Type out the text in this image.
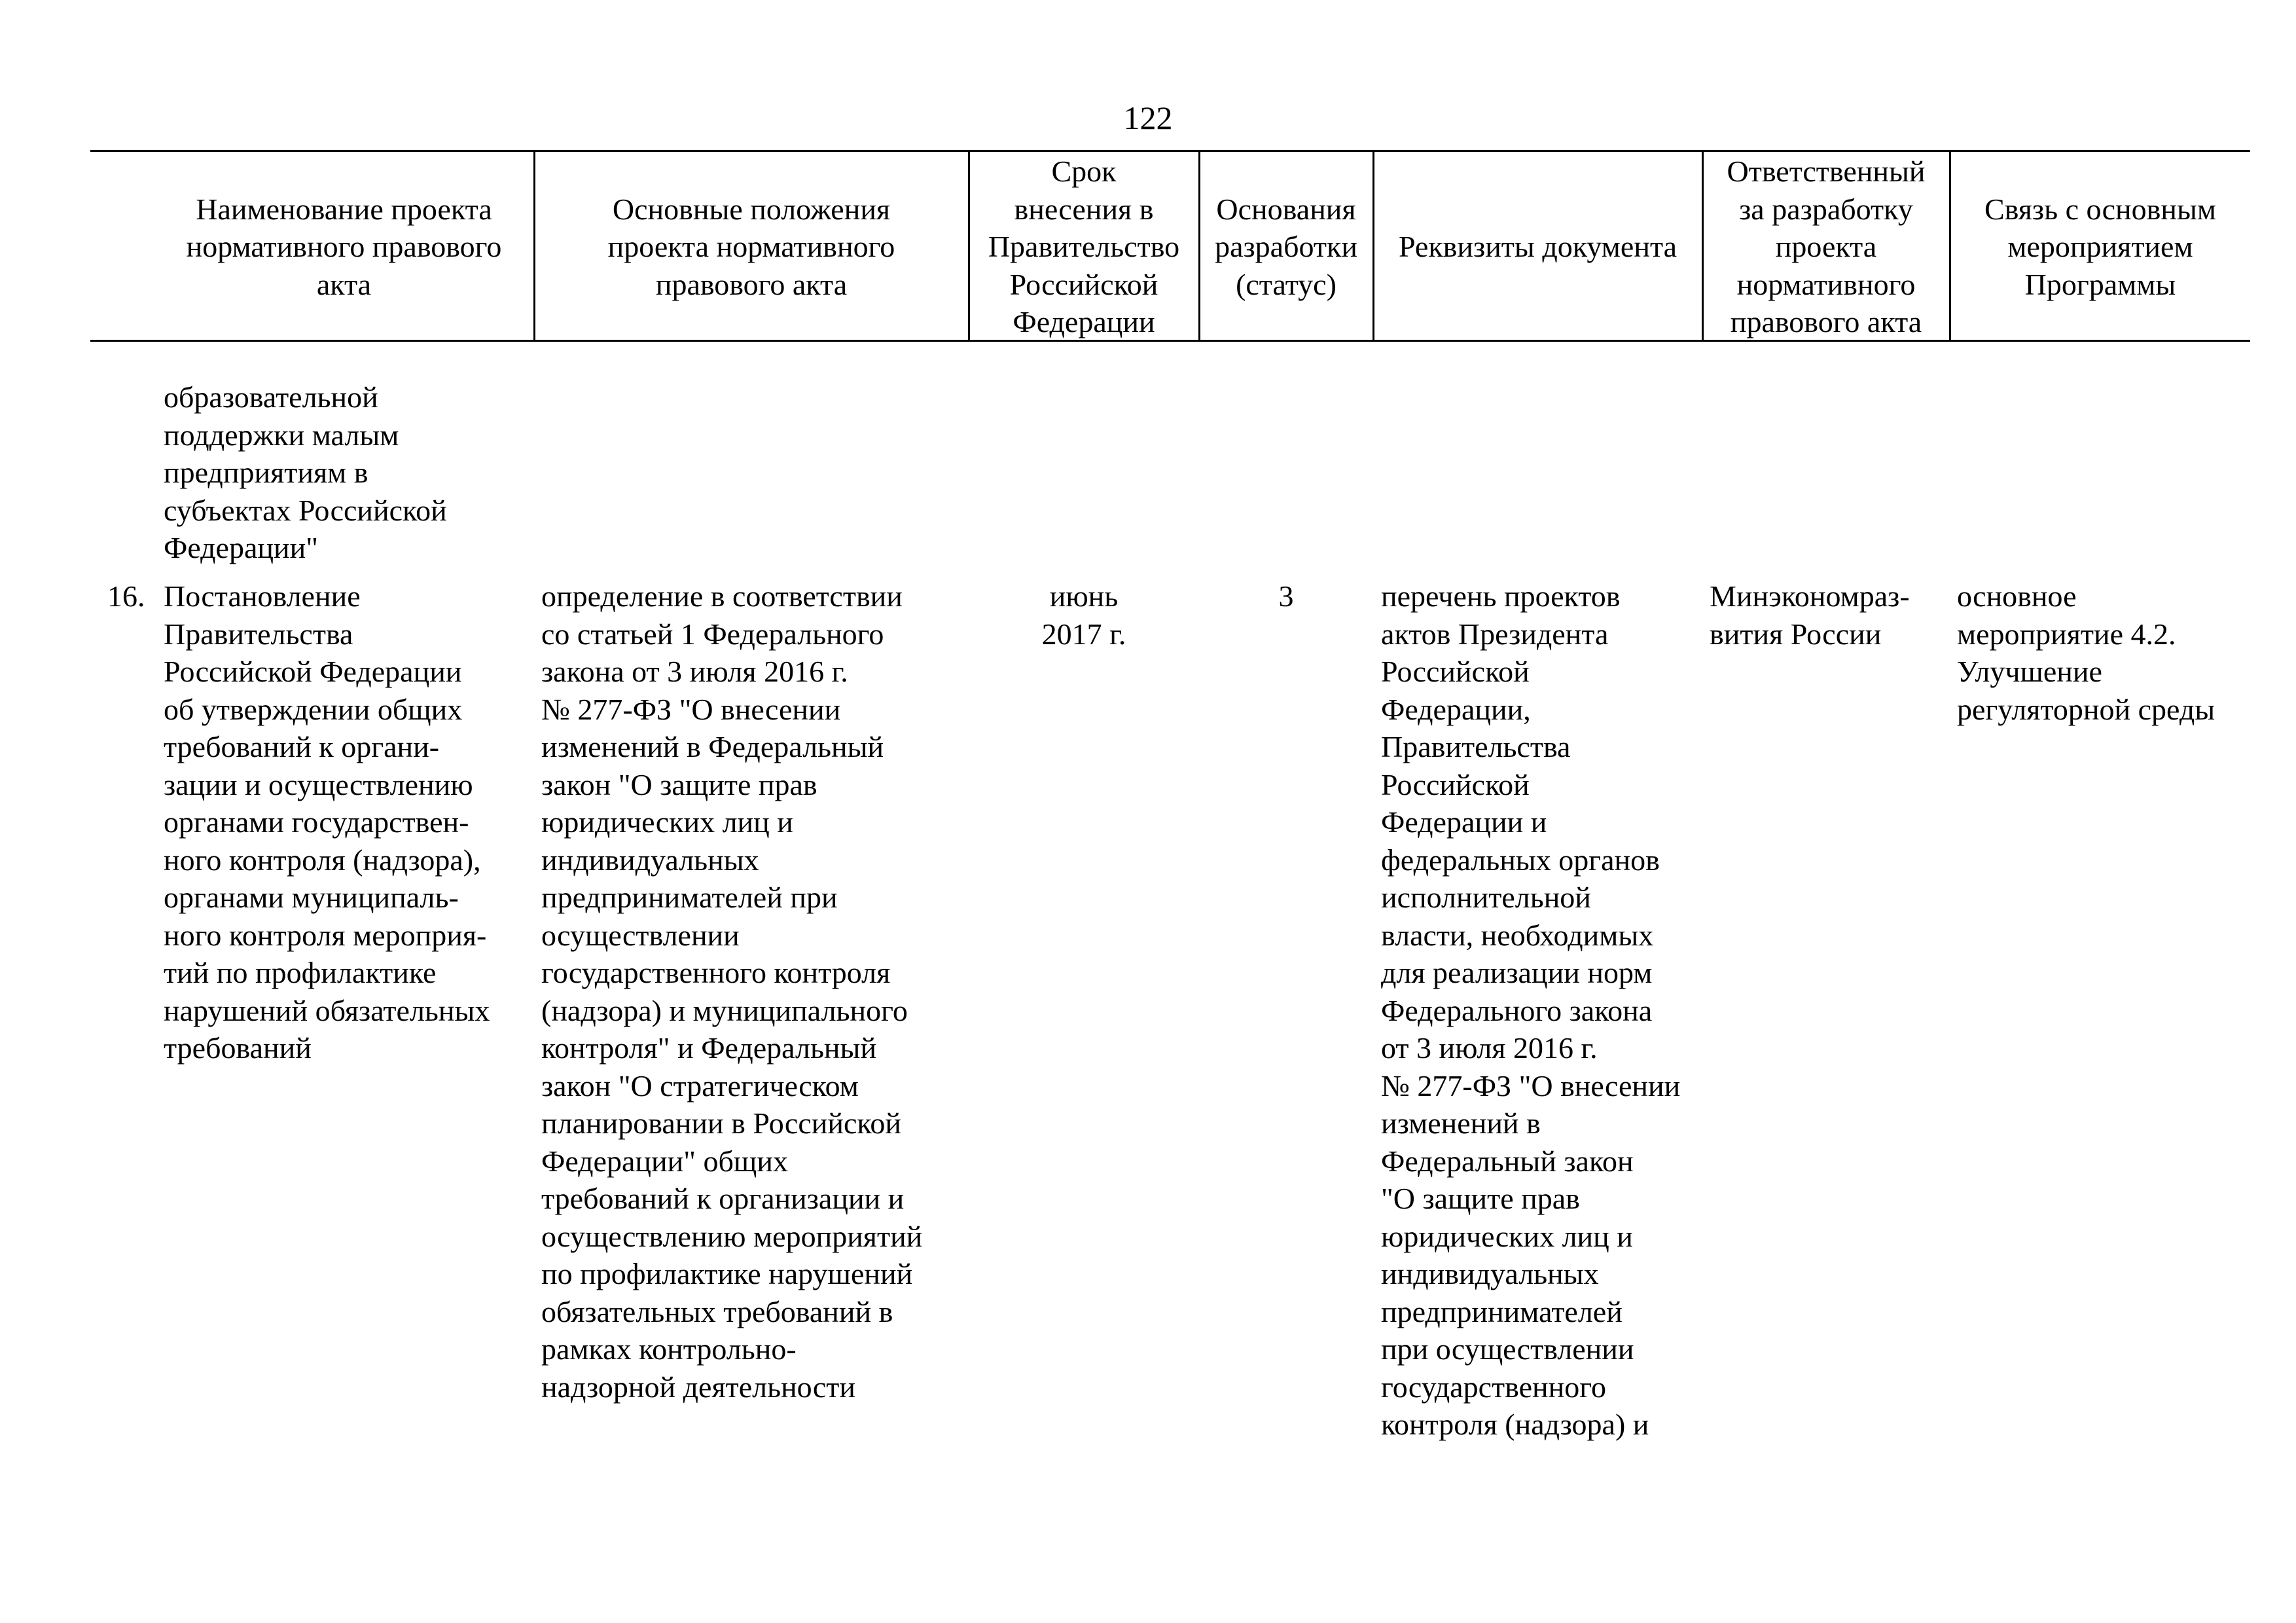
122
Наименование проекта
нормативного правового
акта
Основные положения
проекта нормативного
правового акта
Срок
внесения в
Правительство
Российской
Федерации
Основания
разработки
(статус)
Реквизиты документа
Ответственный
за разработку
проекта
нормативного
правового акта
Связь с основным
мероприятием
Программы
образовательной
поддержки малым
предприятиям в
субъектах Российской
Федерации"
16. Постановление
Правительства
Российской Федерации
об утверждении общих
требований к органи-
зации и осуществлению
органами государствен-
ного контроля (надзора),
органами муниципаль-
ного контроля мероприя-
тий по профилактике
нарушений обязательных
требований
определение в соответствии
со статьей 1 Федерального
закона от 3 июля 2016 г.
№ 277-ФЗ "О внесении
изменений в Федеральный
закон "О защите прав
юридических лиц и
индивидуальных
предпринимателей при
осуществлении
государственного контроля
(надзора) и муниципального
контроля" и Федеральный
закон "О стратегическом
планировании в Российской
Федерации" общих
требований к организации и
осуществлению мероприятий
по профилактике нарушений
обязательных требований в
рамках контрольно-
надзорной деятельности
июнь
2017 г.
3	перечень проектов
актов Президента
Российской
Федерации,
Правительства
Российской
Федерации и
федеральных органов
исполнительной
власти, необходимых
для реализации норм
Федерального закона
от 3 июля 2016 г.
№ 277-ФЗ "О внесении
изменений в
Федеральный закон
"О защите прав
юридических лиц и
индивидуальных
предпринимателей
при осуществлении
государственного
контроля (надзора) и
Минэкономраз-
вития России
основное
мероприятие 4.2.
Улучшение
регуляторной среды
